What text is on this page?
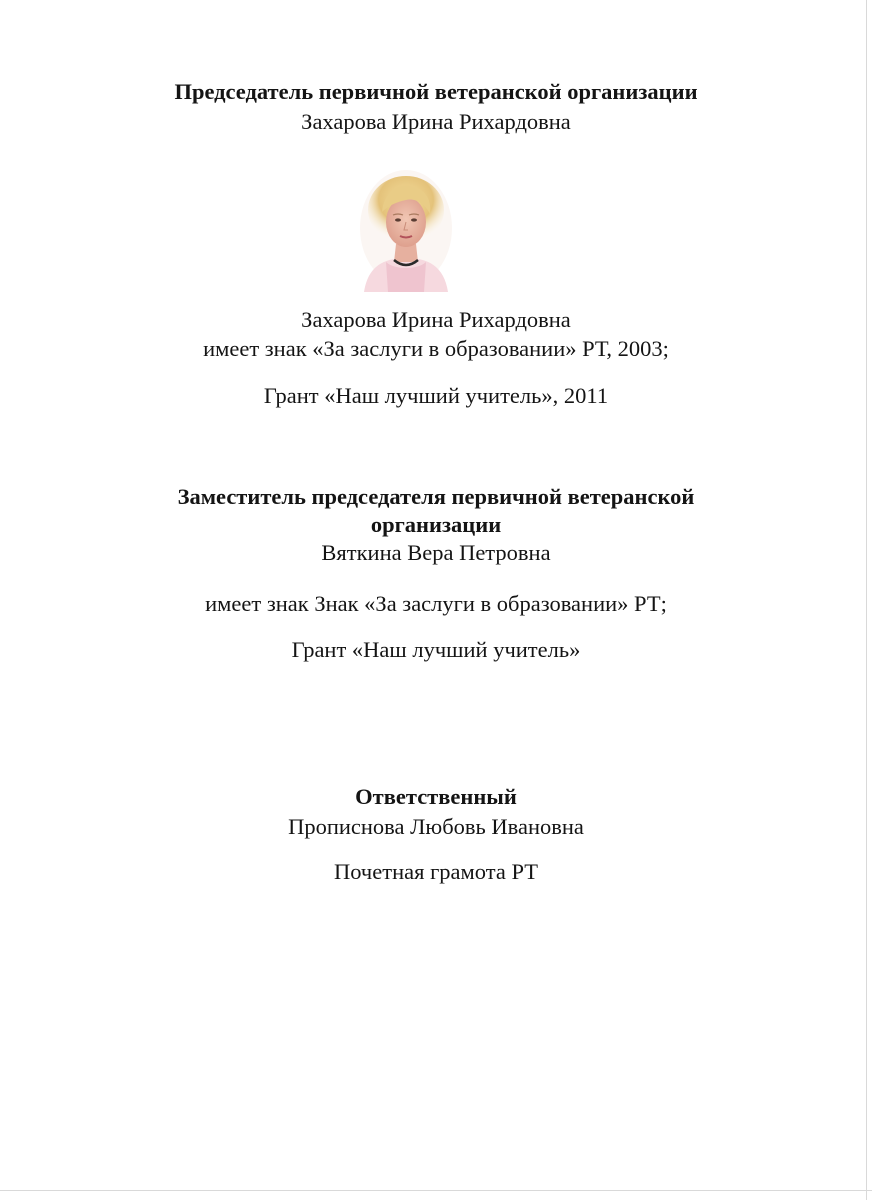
Председатель первичной ветеранской организации
Захарова Ирина Рихардовна
Захарова Ирина Рихардовна
имеет знак «За заслуги в образовании» РТ, 2003;
Грант «Наш лучший учитель», 2011
Заместитель председателя первичной ветеранской
организации
Вяткина Вера Петровна
имеет знак Знак «За заслуги в образовании» РТ;
Грант «Наш лучший учитель»
Ответственный
Прописнова Любовь Ивановна
Почетная грамота РТ
